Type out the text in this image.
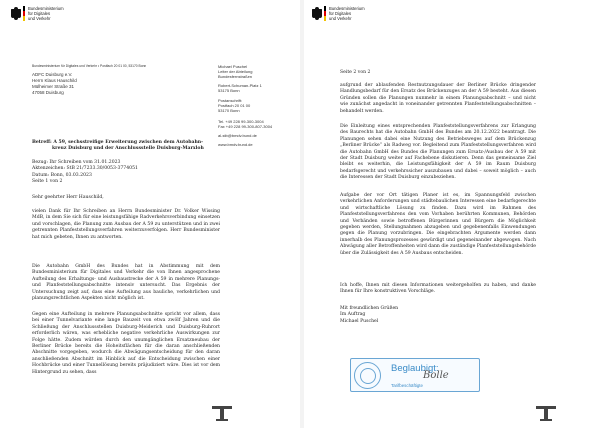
Bundesministerium
für Digitales
und Verkehr
Bundesministerium für Digitales und Verkehr • Postfach 20 01 00, 53170 Bonn
ADFC Duisburg e.V.
Herrn Klaus Hauschild
Mülheimer Straße 31
47058 Duisburg
Michael Puschel
Leiter der Abteilung
Bundesfernstraßen
Robert-Schuman-Platz 1
53175 Bonn
Postanschrift:
Postfach 20 01 00
53170 Bonn
Tel. +49 228 99-300-3004
Fax +49 228 99-300-807-3004
al-stb@bmdv.bund.de
www.bmdv.bund.de
Betreff: A 59, sechsstreifige Erweiterung zwischen dem Autobahn-
kreuz Duisburg und der Anschlussstelle Duisburg-Marxloh
Bezug: Ihr Schreiben vom 31.01.2023
Aktenzeichen: StB 21/7233.30/0053-3774051
Datum: Bonn, 03.03.2023
Seite 1 von 2
Sehr geehrter Herr Hauschild,
vielen Dank für Ihr Schreiben an Herrn Bundesminister Dr. Volker Wissing MdB, in dem Sie sich für eine leistungsfähige Radverkehrsverbindung einsetzen und vorschlagen, die Planung zum Ausbau der A 59 zu unterstützen und in zwei getrennten Planfeststellungsverfahren weiterzuverfolgen. Herr Bundesminister hat mich gebeten, Ihnen zu antworten.
Die Autobahn GmbH des Bundes hat in Abstimmung mit dem Bundesministerium für Digitales und Verkehr die von Ihnen angesprochene Aufteilung des Erhaltungs- und Ausbaustrecke der A 59 in mehrere Planungs- und Planfeststellungsabschnitte intensiv untersucht. Das Ergebnis der Untersuchung zeigt auf, dass eine Aufteilung aus bauliche, verkehrlichen und planungsrechtlichen Aspekten nicht möglich ist.
Gegen eine Aufteilung in mehrere Planungsabschnitte spricht vor allem, dass bei einer Tunnelvariante eine lange Bauzeit von etwa zwölf Jahren und die Schließung der Anschlussstellen Duisburg-Meiderich und Duisburg-Ruhrort erforderlich wären, was erhebliche negative verkehrliche Auswirkungen zur Folge hätte. Zudem würden durch den unumgänglichen Ersatzneubau der Berliner Brücke bereits die Hoheitsflächen für die daran anschließenden Abschnitte vorgegeben, wodurch die Abwägungsentscheidung für den daran anschließenden Abschnitt im Hinblick auf die Entscheidung zwischen einer Hochbrücke und einer Tunnellösung bereits präjudiziert wäre. Dies ist vor dem Hintergrund zu sehen, dass
Bundesministerium
für Digitales
und Verkehr
Seite 2 von 2
aufgrund der ablaufenden Restnutzungsdauer der Berliner Brücke dringender Handlungsbedarf für den Ersatz des Brückenzuges an der A 59 besteht. Aus diesen Gründen sollen die Planungen nunmehr in einem Planungsabschnitt – und nicht wie zunächst angedacht in voneinander getrennten Planfeststellungsabschnitten – behandelt werden.
Die Einleitung eines entsprechenden Planfeststellungsverfahrens zur Erlangung des Baurechts hat die Autobahn GmbH des Bundes am 20.12.2022 beantragt. Die Planungen sehen dabei eine Nutzung des Betriebsweges auf dem Brückenzug „Berliner Brücke“ als Radweg vor. Begleitend zum Planfeststellungsverfahren wird die Autobahn GmbH des Bundes die Planungen zum Ersatz-/Ausbau der A 59 mit der Stadt Duisburg weiter auf Fachebene diskutieren. Denn das gemeinsame Ziel bleibt es weiterhin, die Leistungsfähigkeit der A 59 im Raum Duisburg bedarfsgerecht und verkehrssicher auszubauen und dabei – soweit möglich – auch die Interessen der Stadt Duisburg einzubeziehen.
Aufgabe der vor Ort tätigen Planer ist es, im Spannungsfeld zwischen verkehrlichen Anforderungen und städtebaulichen Interessen eine bedarfsgerechte und wirtschaftliche Lösung zu finden. Dazu wird im Rahmen des Planfeststellungsverfahrens den vom Vorhaben berührten Kommunen, Behörden und Verbänden sowie betroffenen Bürgerinnen und Bürgern die Möglichkeit gegeben werden, Stellungnahmen abzugeben und gegebenenfalls Einwendungen gegen die Planung vorzubringen. Die eingebrachten Argumente werden dann innerhalb des Planungsprozesses gewürdigt und gegeneinander abgewogen. Nach Abwägung aller Betroffenheiten wird dann die zuständige Planfeststellungsbehörde über die Zulässigkeit des A 59 Ausbaus entscheiden.
Ich hoffe, Ihnen mit diesen Informationen weitergeholfen zu haben, und danke Ihnen für Ihre konstruktiven Vorschläge.
Mit freundlichen Grüßen
Im Auftrag
Michael Puschel
Beglaubigt:
Bolle
Tarifbeschäftigte
